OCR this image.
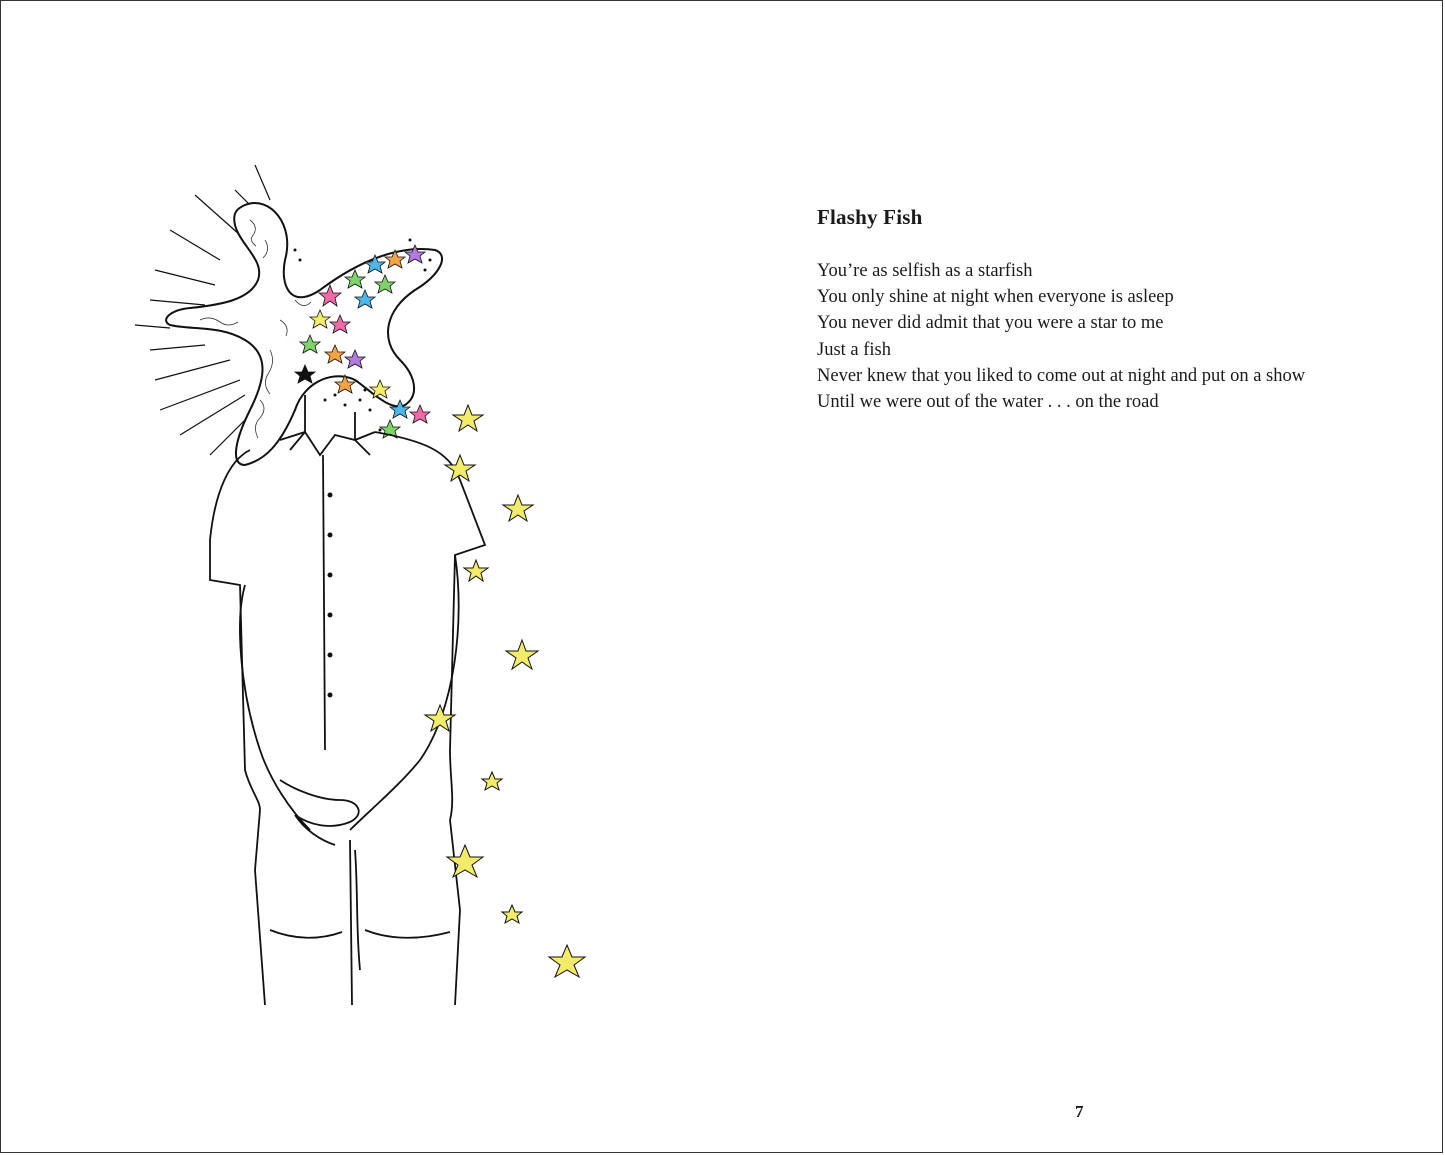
Flashy Fish
You’re as selfish as a starfish
You only shine at night when everyone is asleep
You never did admit that you were a star to me
Just a fish
Never knew that you liked to come out at night and put on a show
Until we were out of the water . . . on the road
7
